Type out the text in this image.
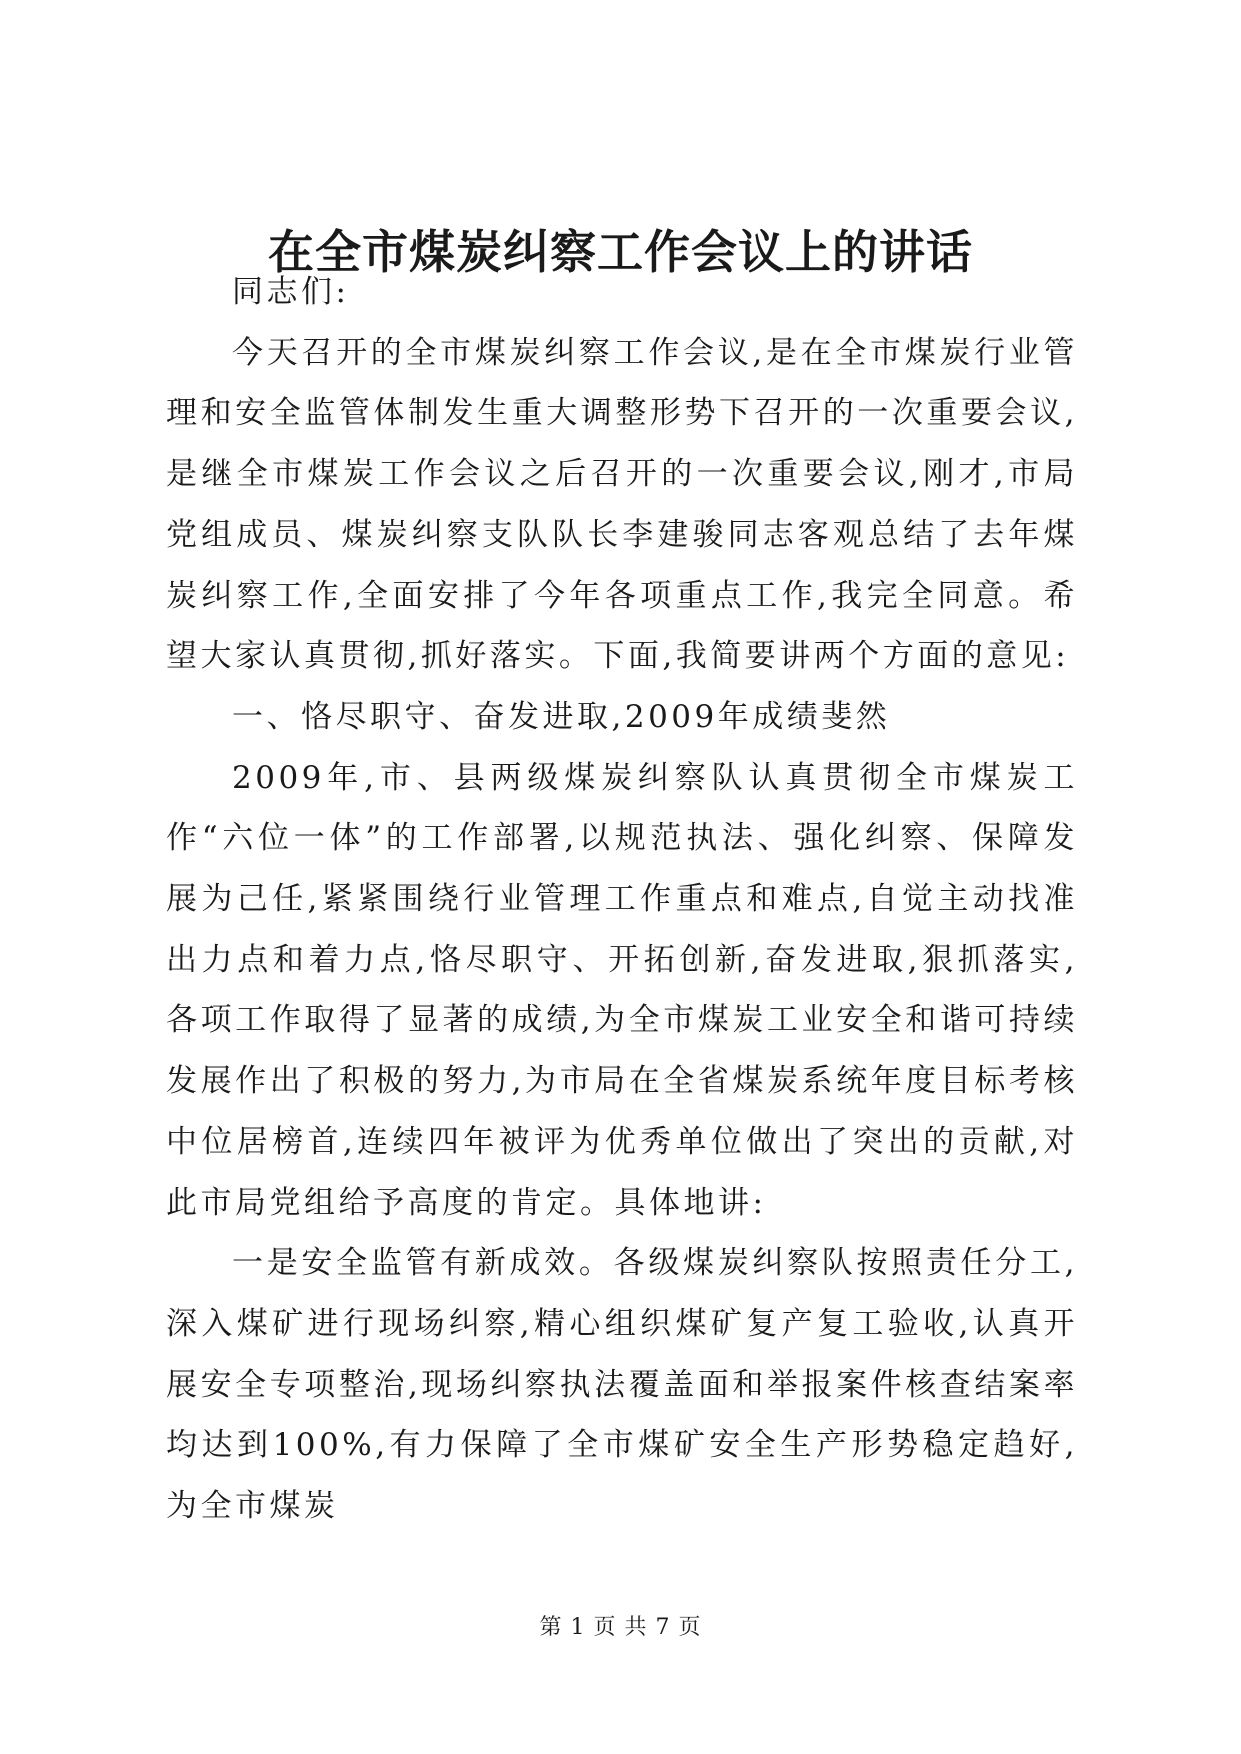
在全市煤炭纠察工作会议上的讲话

同志们:

今天召开的全市煤炭纠察工作会议,是在全市煤炭行业管理和安全监管体制发生重大调整形势下召开的一次重要会议,是继全市煤炭工作会议之后召开的一次重要会议,刚才,市局党组成员、煤炭纠察支队队长李建骏同志客观总结了去年煤炭纠察工作,全面安排了今年各项重点工作,我完全同意。希望大家认真贯彻,抓好落实。下面,我简要讲两个方面的意见:

一、恪尽职守、奋发进取,2009年成绩斐然

2009年,市、县两级煤炭纠察队认真贯彻全市煤炭工作“六位一体”的工作部署,以规范执法、强化纠察、保障发展为己任,紧紧围绕行业管理工作重点和难点,自觉主动找准出力点和着力点,恪尽职守、开拓创新,奋发进取,狠抓落实,各项工作取得了显著的成绩,为全市煤炭工业安全和谐可持续发展作出了积极的努力,为市局在全省煤炭系统年度目标考核中位居榜首,连续四年被评为优秀单位做出了突出的贡献,对此市局党组给予高度的肯定。具体地讲:

一是安全监管有新成效。各级煤炭纠察队按照责任分工,深入煤矿进行现场纠察,精心组织煤矿复产复工验收,认真开展安全专项整治,现场纠察执法覆盖面和举报案件核查结案率均达到100%,有力保障了全市煤矿安全生产形势稳定趋好,为全市煤炭

第 1 页 共 7 页
